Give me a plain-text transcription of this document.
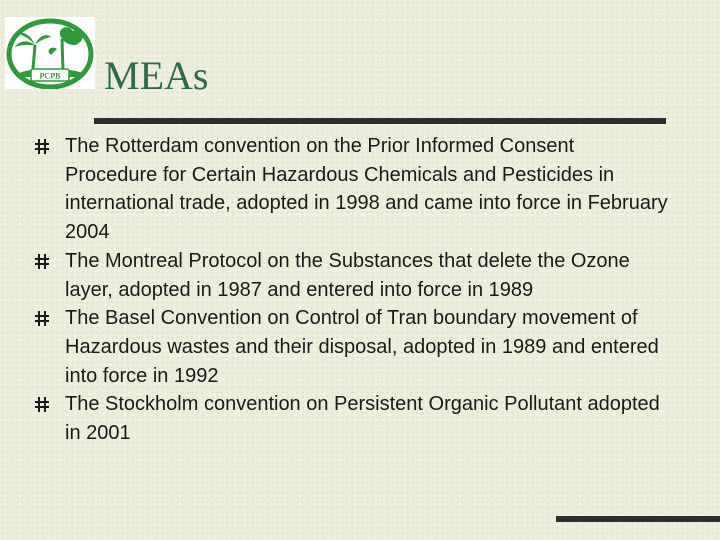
PCPB MEAs
The Rotterdam convention on the Prior Informed Consent Procedure for Certain Hazardous Chemicals and Pesticides in international trade, adopted in 1998 and came into force in February 2004
The Montreal Protocol on the Substances that delete the Ozone layer, adopted in 1987 and entered into force in 1989
The Basel Convention on Control of Tran boundary movement of Hazardous wastes and their disposal, adopted in 1989 and entered into force in 1992
The Stockholm convention on Persistent Organic Pollutant adopted in 2001
